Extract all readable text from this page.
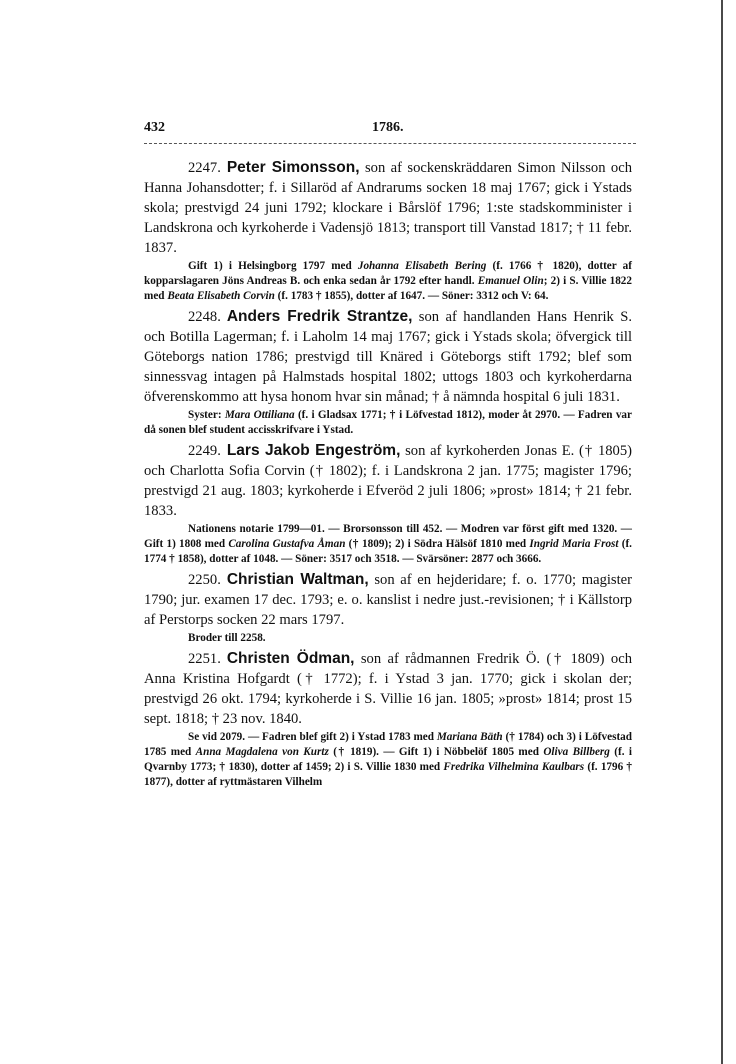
432	1786.

2247. Peter Simonsson, son af sockenskräddaren Simon Nilsson och Hanna Johansdotter; f. i Sillaröd af Andrarums socken 18 maj 1767; gick i Ystads skola; prestvigd 24 juni 1792; klockare i Bårslöf 1796; 1:ste stadskomminister i Landskrona och kyrkoherde i Vadensjö 1813; transport till Vanstad 1817; † 11 febr. 1837.

Gift 1) i Helsingborg 1797 med Johanna Elisabeth Bering (f. 1766 † 1820), dotter af kopparslagaren Jöns Andreas B. och enka sedan år 1792 efter handl. Emanuel Olin; 2) i S. Villie 1822 med Beata Elisabeth Corvin (f. 1783 † 1855), dotter af 1647. — Söner: 3312 och V: 64.

2248. Anders Fredrik Strantze, son af handlanden Hans Henrik S. och Botilla Lagerman; f. i Laholm 14 maj 1767; gick i Ystads skola; öfvergick till Göteborgs nation 1786; prestvigd till Knäred i Göteborgs stift 1792; blef som sinnessvag intagen på Halmstads hospital 1802; uttogs 1803 och kyrkoherdarna öfverenskommo att hysa honom hvar sin månad; † å nämnda hospital 6 juli 1831.

Syster: Mara Ottiliana (f. i Gladsax 1771; † i Löfvestad 1812), moder åt 2970. — Fadren var då sonen blef student accisskrifvare i Ystad.

2249. Lars Jakob Engeström, son af kyrkoherden Jonas E. († 1805) och Charlotta Sofia Corvin († 1802); f. i Landskrona 2 jan. 1775; magister 1796; prestvigd 21 aug. 1803; kyrkoherde i Efveröd 2 juli 1806; »prost» 1814; † 21 febr. 1833.

Nationens notarie 1799—01. — Brorsonsson till 452. — Modren var först gift med 1320. — Gift 1) 1808 med Carolina Gustafva Åman († 1809); 2) i Södra Hälsöf 1810 med Ingrid Maria Frost (f. 1774 † 1858), dotter af 1048. — Söner: 3517 och 3518. — Svärsöner: 2877 och 3666.

2250. Christian Waltman, son af en hejderidare; f. o. 1770; magister 1790; jur. examen 17 dec. 1793; e. o. kanslist i nedre just.-revisionen; † i Källstorp af Perstorps socken 22 mars 1797.

Broder till 2258.

2251. Christen Ödman, son af rådmannen Fredrik Ö. († 1809) och Anna Kristina Hofgardt († 1772); f. i Ystad 3 jan. 1770; gick i skolan der; prestvigd 26 okt. 1794; kyrkoherde i S. Villie 16 jan. 1805; »prost» 1814; prost 15 sept. 1818; † 23 nov. 1840.

Se vid 2079. — Fadren blef gift 2) i Ystad 1783 med Mariana Bäth († 1784) och 3) i Löfvestad 1785 med Anna Magdalena von Kurtz († 1819). — Gift 1) i Nöbbelöf 1805 med Oliva Billberg (f. i Qvarnby 1773; † 1830), dotter af 1459; 2) i S. Villie 1830 med Fredrika Vilhelmina Kaulbars (f. 1796 † 1877), dotter af ryttmästaren Vilhelm
